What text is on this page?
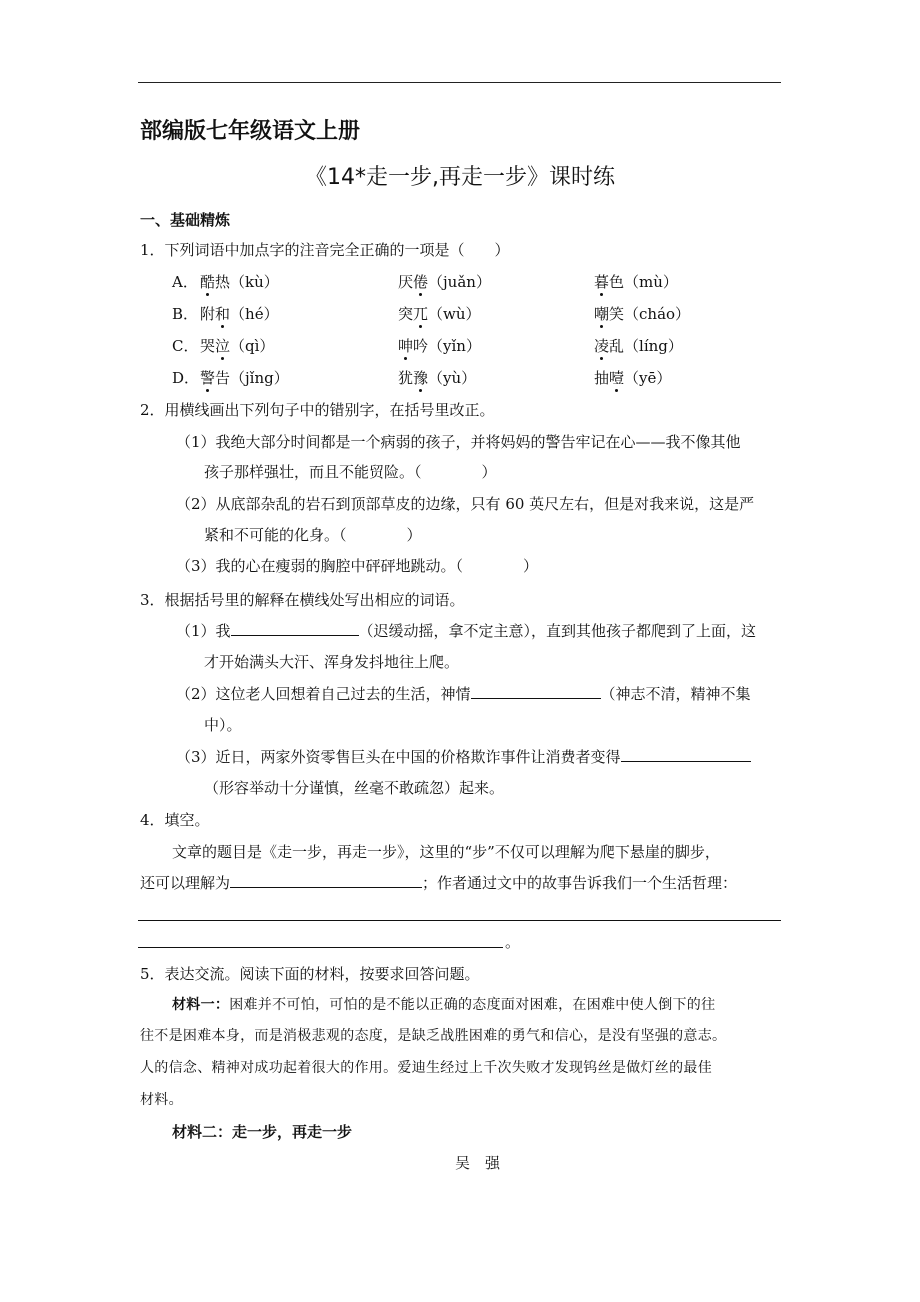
部编版七年级语文上册
《14*走一步,再走一步》课时练
一、基础精炼
1．下列词语中加点字的注音完全正确的一项是（　　）
A． 酷热（kù）	厌倦（juǎn）	暮色（mù）
B． 附和（hé）	突兀（wù）	嘲笑（cháo）
C． 哭泣（qì）	呻吟（yǐn）	凌乱（líng）
D． 警告（jǐng）	犹豫（yù）	抽噎（yē）
2．用横线画出下列句子中的错别字，在括号里改正。
（1）我绝大部分时间都是一个病弱的孩子，并将妈妈的警告牢记在心——我不像其他
孩子那样强壮，而且不能贸险。（　　　　）
（2）从底部杂乱的岩石到顶部草皮的边缘，只有 60 英尺左右，但是对我来说，这是严
紧和不可能的化身。（　　　　）
（3）我的心在瘦弱的胸腔中砰砰地跳动。（　　　　）
3．根据括号里的解释在横线处写出相应的词语。
（1）我	（迟缓动摇，拿不定主意），直到其他孩子都爬到了上面，这
才开始满头大汗、浑身发抖地往上爬。
（2）这位老人回想着自己过去的生活，神情	（神志不清，精神不集
中）。
（3）近日，两家外资零售巨头在中国的价格欺诈事件让消费者变得
（形容举动十分谨慎，丝毫不敢疏忽）起来。
4．填空。
文章的题目是《走一步，再走一步》，这里的“步”不仅可以理解为爬下悬崖的脚步，
还可以理解为	；作者通过文中的故事告诉我们一个生活哲理：
。
5．表达交流。阅读下面的材料，按要求回答问题。
材料一：困难并不可怕，可怕的是不能以正确的态度面对困难，在困难中使人倒下的往
往不是困难本身，而是消极悲观的态度，是缺乏战胜困难的勇气和信心，是没有坚强的意志。
人的信念、精神对成功起着很大的作用。爱迪生经过上千次失败才发现钨丝是做灯丝的最佳
材料。
材料二：走一步，再走一步
吴　强
